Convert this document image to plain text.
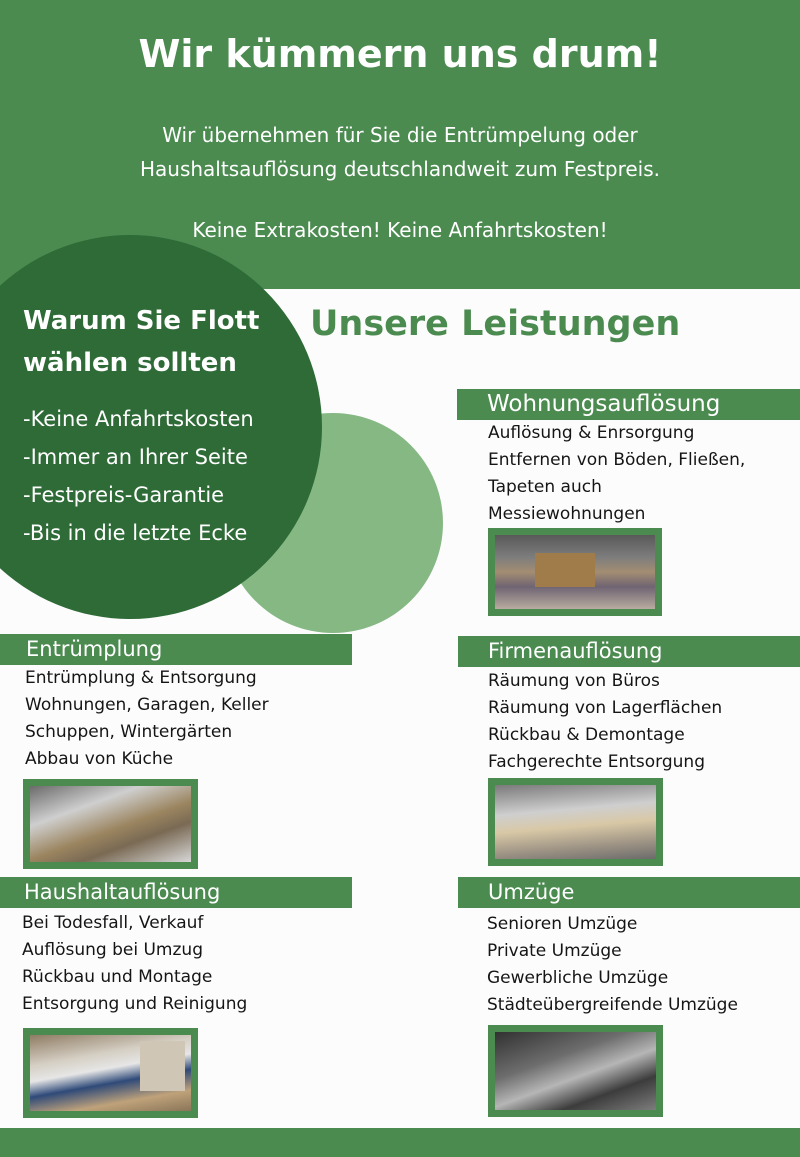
Wir kümmern uns drum!
Wir übernehmen für Sie die Entrümpelung oder
Haushaltsauflösung deutschlandweit zum Festpreis.
Keine Extrakosten! Keine Anfahrtskosten!
Warum Sie Flott
wählen sollten
-Keine Anfahrtskosten
-Immer an Ihrer Seite
-Festpreis-Garantie
-Bis in die letzte Ecke
Unsere Leistungen
Wohnungsauflösung
Auflösung & Enrsorgung
Entfernen von Böden, Fließen,
Tapeten auch
Messiewohnungen
Entrümplung
Entrümplung & Entsorgung
Wohnungen, Garagen, Keller
Schuppen, Wintergärten
Abbau von Küche
Firmenauflösung
Räumung von Büros
Räumung von Lagerflächen
Rückbau & Demontage
Fachgerechte Entsorgung
Haushaltauflösung
Bei Todesfall, Verkauf
Auflösung bei Umzug
Rückbau und Montage
Entsorgung und Reinigung
Umzüge
Senioren Umzüge
Private Umzüge
Gewerbliche Umzüge
Städteübergreifende Umzüge
